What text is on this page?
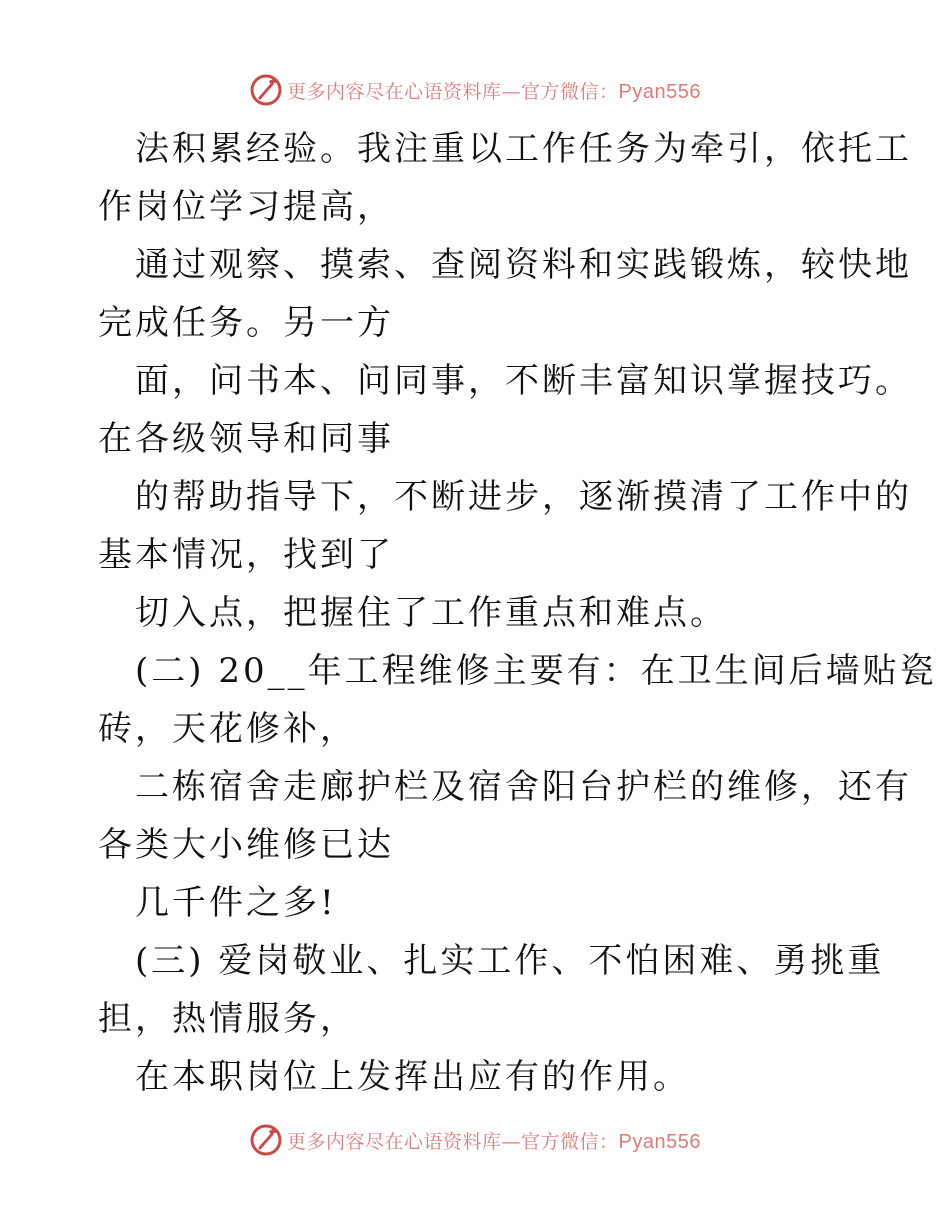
更多内容尽在心语资料库—官方微信：Pyan556
法积累经验。我注重以工作任务为牵引，依托工
作岗位学习提高，
通过观察、摸索、查阅资料和实践锻炼，较快地
完成任务。另一方
面，问书本、问同事，不断丰富知识掌握技巧。
在各级领导和同事
的帮助指导下，不断进步，逐渐摸清了工作中的
基本情况，找到了
切入点，把握住了工作重点和难点。
(二) 20__年工程维修主要有：在卫生间后墙贴瓷
砖，天花修补，
二栋宿舍走廊护栏及宿舍阳台护栏的维修，还有
各类大小维修已达
几千件之多!
(三) 爱岗敬业、扎实工作、不怕困难、勇挑重
担，热情服务，
在本职岗位上发挥出应有的作用。
更多内容尽在心语资料库—官方微信：Pyan556
